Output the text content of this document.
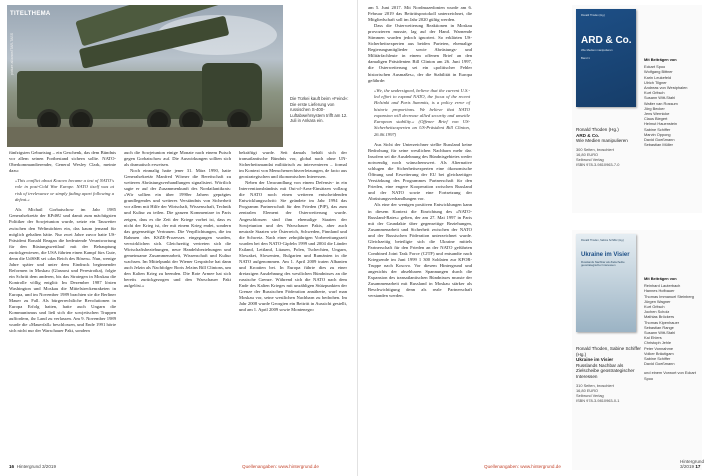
picture alliance/ITAR-TASS
TITELTHEMA
Die Türkei kauft beim »Feind«: Die erste Lieferung von russischen S-400-Luftabwehrsystem trifft am 12. Juli in Ankara ein.

fünfzigsten Geburtstag – ein Geschenk, das dem Bündnis vor allem seinen Fortbestand sichern sollte. NATO-Oberkommandierender, General Wesley Clark, meinte dazu:

»This conflict about Kosovo became a test of NATO's role in post-Cold War Europe. NATO itself was at risk of irrelevance or simply fading apart following a defeat.«

Als Michail Gorbatschow im Jahr 1985 Generalsekretär der KPdSU und damit zum mächtigsten Politiker der Sowjetunion wurde, setzte ein Tauwetter zwischen den Weltmächten ein, das kaum jemand für möglich gehalten hätte. Nur zwei Jahre zuvor hatte US-Präsident Ronald Reagan die bedeutende Verantwortung für den Rüstungswettlauf mit der Behauptung zurückgewiesen, die USA führten einen Kampf fürs Gute, denn die UdSSR sei »das Reich des Bösen«. Nun, wenige Jahre später und unter dem Eindruck beginnender Reformen in Moskau (Glasnost und Perestroika), folgte ein Schritt dem anderen, bis das Strategen in Moskau die Kontrolle völlig entglitt: Im Dezember 1987 lösten Washington und Moskau die Mittelstreckenraketen in Europa, und im November 1989 brachten sie die Berliner Mauer zu Fall. Als bürgerrechtliche Revolutionen in Europa Erfolg hatten, hatte auch Ungarn die Kommunismus und ließ sich die sowjetischen Truppen auffordern, ihr Land zu verlassen. Am 9. November 1989 wurde die »Mauerfall« beschlossen, und Ende 1991 hörte sich nicht nur der Warschauer Pakt, sondern

auch die Sowjetunion einige Monate nach einem Putsch gegen Gorbatschow auf. Die Auswirkungen sollten sich als dramatisch erweisen.

Noch einmalig hatte jener 31. März 1990, hatte Generalsekretär Manfred Wörner die Bereitschaft zu weiteren Abrüstungsverhandlungen signalisiert. Wörtlich sagte er auf der Zusammenkunft des Nordatlantikrats: »Wir sollten ein über 1990er Jahren geprägtes grundlegendes und weiteres Verständnis von Sicherheit vor allem mit Hilfe der Wirtschaft, Wissenschaft, Technik und Kultur zu teilen. Die ganzen Kommentare in Paris zeigen, dass es die Zeit der Kriege vorbei ist, dass es nicht der Krieg ist, der mit einem Krieg endet, sondern das gegenseitige Vertrauen. Die Verpflichtungen, die im Rahmen des KSZE-Prozesses eingegangen wurden, verwirklichen sich. Gleichzeitig vertreten sich die Wirtschaftsbeziehungen, neue Handelsbeziehungen und gemeinsame Zusammenarbeit, Wissenschaft und Kultur wachsen. Im Mittelpunkt der Wiener Gespräche hat dann auch Jelzin als Nachfolger Boris Jelzins Bill Clintons, um den Kalten Krieg zu beenden. Die Rote Armee hat sich bereits zurückgezogen und den Warschauer Pakt aufgelöst.«

bekräftigt wurde. Seit damals behält sich der transatlantische Bündnis vor, global nach ohne UN-Sicherheitsmandat militärisch zu intervenieren – formal im Kontext von Menschenrechtsverletzungen, de facto aus geostrategischen und ökonomischen Interessen.

Neben der Umwandlung von einem Defensiv- in ein Interventionsbündnis mit Out-of-Area-Einsätzen vollzog die NATO noch einen weiteren entscheidenden Entwicklungsschritt: Sie gründete im Jahr 1994 das Programm Partnerschaft für den Frieden (PfP), das zum zentralen Element der Osterweiterung wurde. Angeschlossen sind ihm ehemalige Staaten der Sowjetunion und des Warschauer Pakts, aber auch neutrale Staaten wie Österreich, Schweden, Finnland und die Schweiz. Nach einer zehnjährigen Vorbereitungszeit wurden bei den NATO-Gipfeln 1999 und 2004 die Länder Estland, Lettland, Litauen, Polen, Tschechien, Ungarn, Slowakei, Slowenien, Bulgarien und Rumänien in die NATO aufgenommen. Am 1. April 2009 traten Albanien und Kroatien bei. In Europa führte dies zu einer dreiaxigen Ausdehnung des westlichen Bündnisses an die russische Grenze. Während sich die NATO nach dem Ende des Kalten Krieges mit unzähligen Stützpunkten der Grenze der Russischen Föderation annäherte, warf man Moskau vor, seine westlichen Nachbarn zu bedrohen. Im Jahr 2008 wurde Georgien ein Beitritt in Aussicht gestellt, und am 1. April 2009 sowie Montenegro

16 Hintergrund 3/2019	Quellenangaben: www.hintergrund.de

am 5. Juni 2017. Mit Nordmazedonien wurde am 6. Februar 2019 das Beitrittsprotokoll unterzeichnet, die Mitgliedschaft soll im Jahr 2020 gültig werden.

Dass die Osterweiterung Reaktionen in Moskau provozieren musste, lag auf der Hand. Warnende Stimmen wurden jedoch ignoriert. So erklärten US-Sicherheitsexperten aus beiden Parteien, ehemalige Regierungsmitglieder sowie Abrüstungs- und Militärfachleute in einem offenen Brief an den damaligen Präsidenten Bill Clinton am 26. Juni 1997, die Osterweiterung sei ein »politischer Fehler historischen Ausmaßes«, der die Stabilität in Europa gefährde:

»We, the undersigned, believe that the current U.S.-led effort to expand NATO, the focus of the recent Helsinki and Paris Summits, is a policy error of historic proportions. We believe that NATO expansion will decrease allied security and unsettle European stability.« (Offener Brief von US-Sicherheitsexperten an US-Präsident Bill Clinton, 26.06.1997)

Aus Sicht der Unterzeichner stellte Russland keine Bedrohung für seine westlichen Nachbarn mehr dar. Insofern sei die Ausdehnung des Bündnisgebietes weder notwendig noch wünschenswert. Als Alternative schlugen die Sicherheitsexperten eine ökonomische Öffnung und Erweiterung der EU bei gleichzeitiger Verstärkung des Programmes Partnerschaft für den Frieden, eine engere Kooperation zwischen Russland und der NATO sowie eine Fortsetzung der Abrüstungsverhandlungen vor.

Als eine der wenigen positiven Entwicklungen kann in diesem Kontext die Einrichtung des »NATO-Russland-Rates« gelten, der am 27. Mai 1997 in Paris mit der Grundakte über gegenseitige Beziehungen, Zusammenarbeit und Sicherheit zwischen der NATO und der Russischen Föderation unterzeichnet wurde. Gleichzeitig beteiligte sich die Ukraine mittels Partnerschaft für den Frieden an der NATO geführten Combined Joint Task Force (CJTF) und entsandte nach Kriegsende im Juni 1999 1 300 Soldaten zur KFOR-Truppe nach Kosovo. Vor diesem Hintergrund und angesichts der absehbaren Spannungen durch die Expansion des transatlantischen Bündnisses musste der Zusammenarbeit mit Russland in Moskau stärker als Beschwichtigung denn als reale Partnerschaft verstanden werden.

Ronald Thoden (Hg.)
ARD & Co.
Wie Medien manipulieren
Band 1	Mit Beiträgen von
Eckart Spoo
Wolfgang Bittner
Karin Leukefeld
Ulrich Tilgner
Andreas von Westphalen
Kurt Gritsch
Susann Witt-Stahl
Walter van Rossum
Jörg Becker
Jens Wernicke
Claus Biegert
Helmut Hauenstein
Sabine Schiffer
Marvin Oppong
David Goeßmann
Sebastian Müller
Ronald Thoden (Hg.)
ARD & Co.
Wie Medien manipulieren
300 Seiten, broschiert
16,80 EURO
Selbrund Verlag
ISBN 978-3-9810963-7-0
Ronald Thoden, Sabine Schiffer (Hg.)
Ukraine im Visier
Russlands Nachbar als Zielscheibe geostrategischer Interessen
Mit Beiträgen von
Reinhard Lauterbach
Hannes Hofbauer
Thomas Immanuel Steinberg
Jürgen Wagner
Kurt Gritsch
Jochen Scholz
Mathias Bröckers
Thomas Kipenhauer
Sebastian Range
Susann Witt-Stahl
Kai Ehlers
Christoph Jehle
Peter Vonnahme
Volker Bräutigam
Sabine Schiffer
David Goeßmann
und einem Vorwort von Eckart Spoo
Ronald Thoden, Sabine Schiffer (Hg.)
Ukraine im Visier
Russlands Nachbar als Zielscheibe geostrategischer Interessen
310 Seiten, broschiert
16,80 EURO
Selbrund Verlag
ISBN 978-3-9810963-0-1
Quellenangaben: www.hintergrund.de
Hintergrund 3/2019 17
